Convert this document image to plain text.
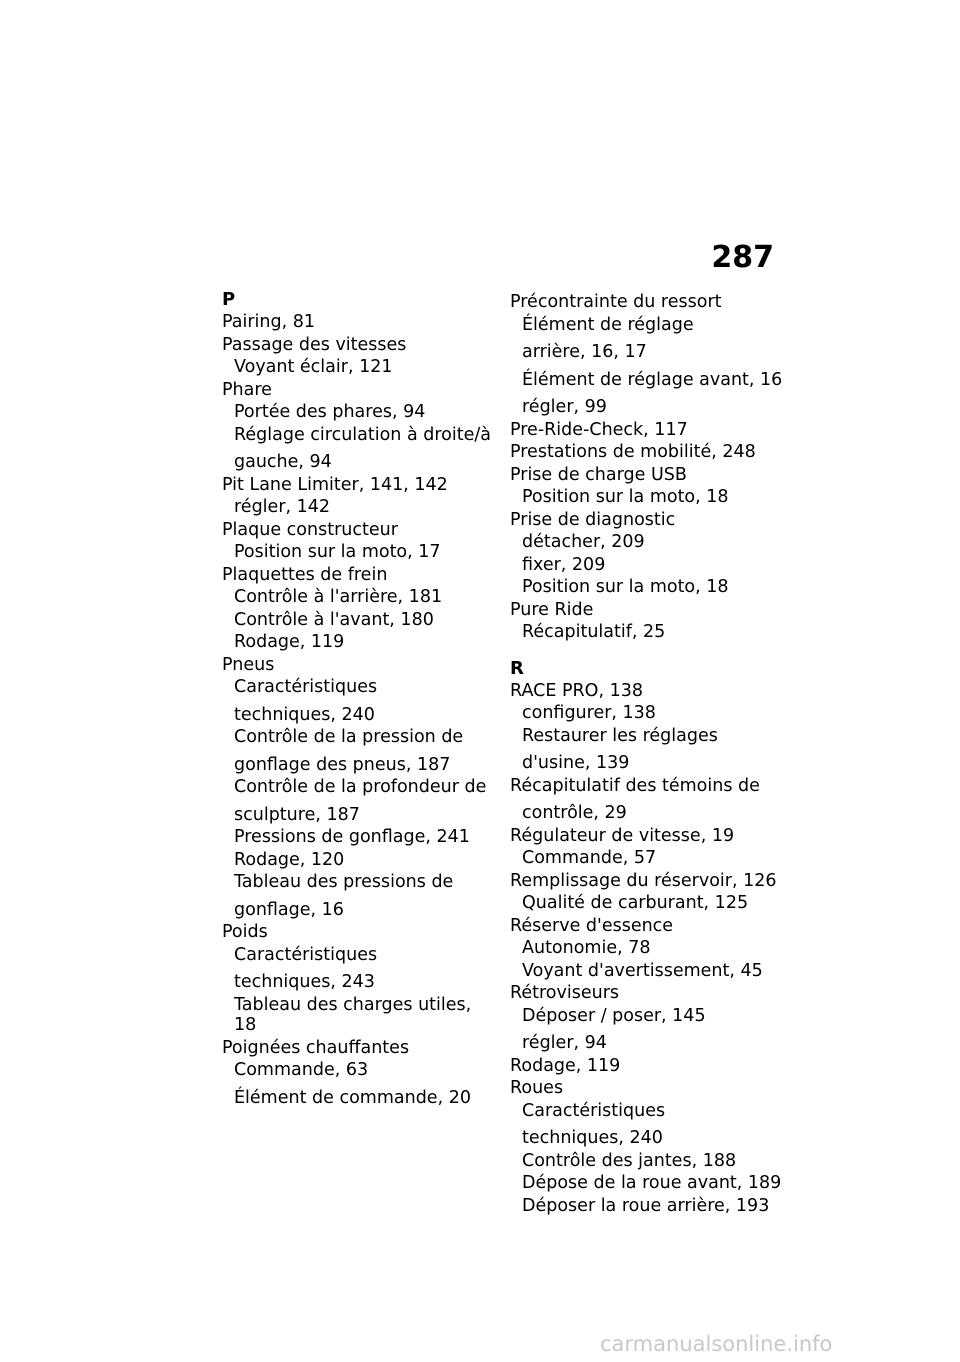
287
P
Pairing, 81
Passage des vitesses
Voyant éclair, 121
Phare
Portée des phares, 94
Réglage circulation à droite/à
gauche, 94
Pit Lane Limiter, 141, 142
régler, 142
Plaque constructeur
Position sur la moto, 17
Plaquettes de frein
Contrôle à l'arrière, 181
Contrôle à l'avant, 180
Rodage, 119
Pneus
Caractéristiques
techniques, 240
Contrôle de la pression de
gonflage des pneus, 187
Contrôle de la profondeur de
sculpture, 187
Pressions de gonflage, 241
Rodage, 120
Tableau des pressions de
gonflage, 16
Poids
Caractéristiques
techniques, 243
Tableau des charges utiles, 18
Poignées chauffantes
Commande, 63
Élément de commande, 20
Précontrainte du ressort
Élément de réglage
arrière, 16, 17
Élément de réglage avant, 16
régler, 99
Pre-Ride-Check, 117
Prestations de mobilité, 248
Prise de charge USB
Position sur la moto, 18
Prise de diagnostic
détacher, 209
fixer, 209
Position sur la moto, 18
Pure Ride
Récapitulatif, 25
R
RACE PRO, 138
configurer, 138
Restaurer les réglages
d'usine, 139
Récapitulatif des témoins de
contrôle, 29
Régulateur de vitesse, 19
Commande, 57
Remplissage du réservoir, 126
Qualité de carburant, 125
Réserve d'essence
Autonomie, 78
Voyant d'avertissement, 45
Rétroviseurs
Déposer / poser, 145
régler, 94
Rodage, 119
Roues
Caractéristiques
techniques, 240
Contrôle des jantes, 188
Dépose de la roue avant, 189
Déposer la roue arrière, 193
carmanualsonline.info
